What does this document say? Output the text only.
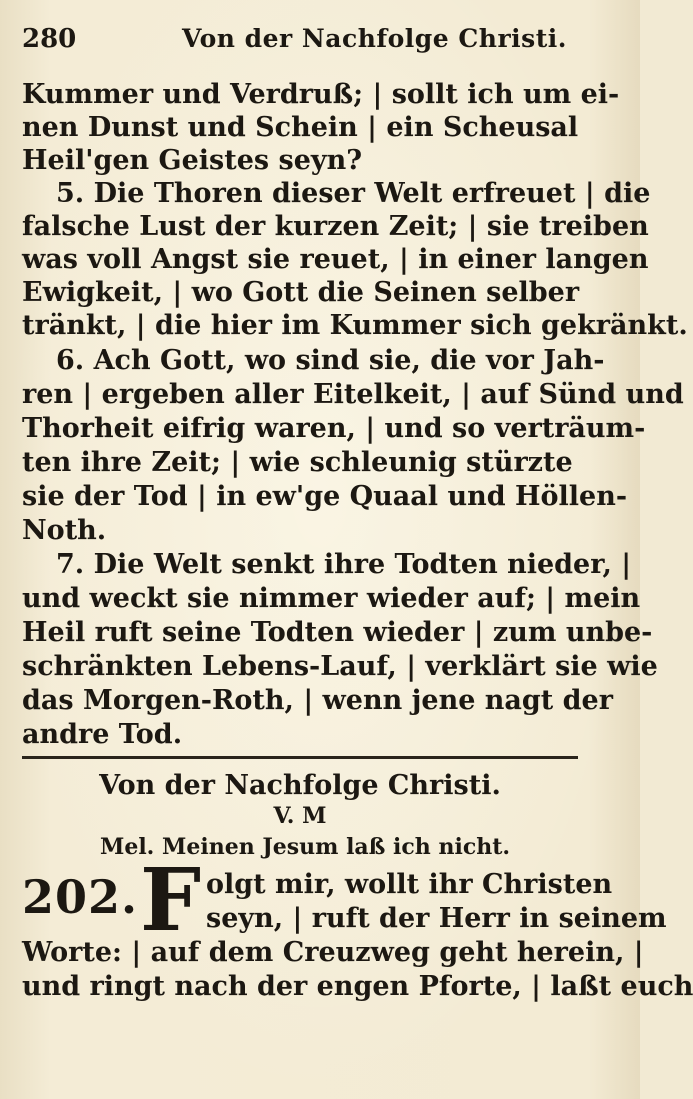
280	Von der Nachfolge Christi.
Kummer und Verdruß; | sollt ich um ei-
nen Dunst und Schein | ein Scheusal
Heil'gen Geistes seyn?
5. Die Thoren dieser Welt erfreuet | die
falsche Lust der kurzen Zeit; | sie treiben
was voll Angst sie reuet, | in einer langen
Ewigkeit, | wo Gott die Seinen selber
tränkt, | die hier im Kummer sich gekränkt.
6. Ach Gott, wo sind sie, die vor Jah-
ren | ergeben aller Eitelkeit, | auf Sünd und
Thorheit eifrig waren, | und so verträum-
ten ihre Zeit; | wie schleunig stürzte
sie der Tod | in ew'ge Quaal und Höllen-
Noth.
7. Die Welt senkt ihre Todten nieder, |
und weckt sie nimmer wieder auf; | mein
Heil ruft seine Todten wieder | zum unbe-
schränkten Lebens-Lauf, | verklärt sie wie
das Morgen-Roth, | wenn jene nagt der
andre Tod.
Von der Nachfolge Christi.
V. M
Mel. Meinen Jesum laß ich nicht.
202. F olgt mir, wollt ihr Christen
seyn, | ruft der Herr in seinem
Worte: | auf dem Creuzweg geht herein, |
und ringt nach der engen Pforte, | laßt euch
